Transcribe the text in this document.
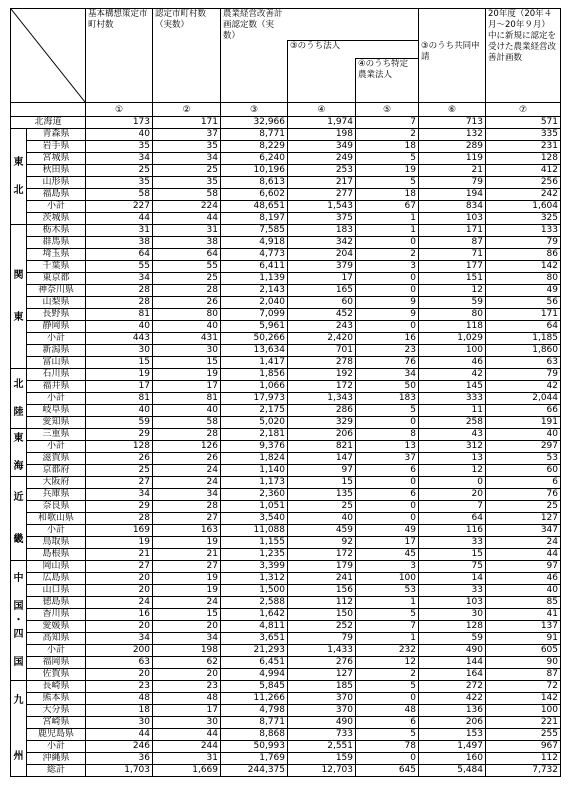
基本構想策定市町村数	認定市町村数（実数）	農業経営改善計画認定数（実数）				20年度（20年４月～20年９月）中に新規に認定を受けた農業経営改善計画数

					③のうち法人		③のうち共同申請	

						④のうち特定農業法人		

		①	②	③	④	⑤	⑥	⑦
北海道		173	171	32,966	1,974	7	713	571
東

北	青森県	40	37	8,771	198	2	132	335
	岩手県	35	35	8,229	349	18	289	231
	宮城県	34	34	6,240	249	5	119	128
	秋田県	25	25	10,196	253	19	21	412
	山形県	35	35	8,613	217	5	79	256
	福島県	58	58	6,602	277	18	194	242
	小計	227	224	48,651	1,543	67	834	1,604
	茨城県	44	44	8,197	375	1	103	325
関

東	栃木県	31	31	7,585	183	1	171	133
	群馬県	38	38	4,918	342	0	87	79
	埼玉県	64	64	4,773	204	2	71	86
	千葉県	55	55	6,411	379	3	177	142
	東京都	34	25	1,139	17	0	151	80
	神奈川県	28	28	2,143	165	0	12	49
	山梨県	28	26	2,040	60	9	59	56
	長野県	81	80	7,099	452	9	80	171
	静岡県	40	40	5,961	243	0	118	64
	小計	443	431	50,266	2,420	16	1,029	1,185
	新潟県	30	30	13,634	701	23	100	1,860
	富山県	15	15	1,417	278	76	46	63
北

陸	石川県	19	19	1,856	192	34	42	79
	福井県	17	17	1,066	172	50	145	42
	小計	81	81	17,973	1,343	183	333	2,044
	岐阜県	40	40	2,175	286	5	11	66
	愛知県	59	58	5,020	329	0	258	191
東

海	三重県	29	28	2,181	206	8	43	40
	小計	128	126	9,376	821	13	312	297
	滋賀県	26	26	1,824	147	37	13	53
	京都府	25	24	1,140	97	6	12	60
近

畿	大阪府	27	24	1,173	15	0	0	6
	兵庫県	34	34	2,360	135	6	20	76
	奈良県	29	28	1,051	25	0	7	25
	和歌山県	28	27	3,540	40	0	64	127
	小計	169	163	11,088	459	49	116	347
	鳥取県	19	19	1,155	92	17	33	24
	島根県	21	21	1,235	172	45	15	44
中

国
・
四

国	岡山県	27	27	3,399	179	3	75	97
	広島県	20	19	1,312	241	100	14	46
	山口県	20	19	1,500	156	53	33	40
	徳島県	24	24	2,588	112	1	103	85
	香川県	16	15	1,642	150	5	30	41
	愛媛県	20	20	4,811	252	7	128	137
	高知県	34	34	3,651	79	1	59	91
	小計	200	198	21,293	1,433	232	490	605
	福岡県	63	62	6,451	276	12	144	90
	佐賀県	20	20	4,994	127	2	164	87
九

州	長崎県	23	23	5,845	185	5	272	72
	熊本県	48	48	11,266	370	0	422	142
	大分県	18	17	4,798	370	48	136	100
	宮崎県	30	30	8,771	490	6	206	221
	鹿児島県	44	44	8,868	733	5	153	255
	小計	246	244	50,993	2,551	78	1,497	967
	沖縄県	36	31	1,769	159	0	160	112
	総計	1,703	1,669	244,375	12,703	645	5,484	7,732
